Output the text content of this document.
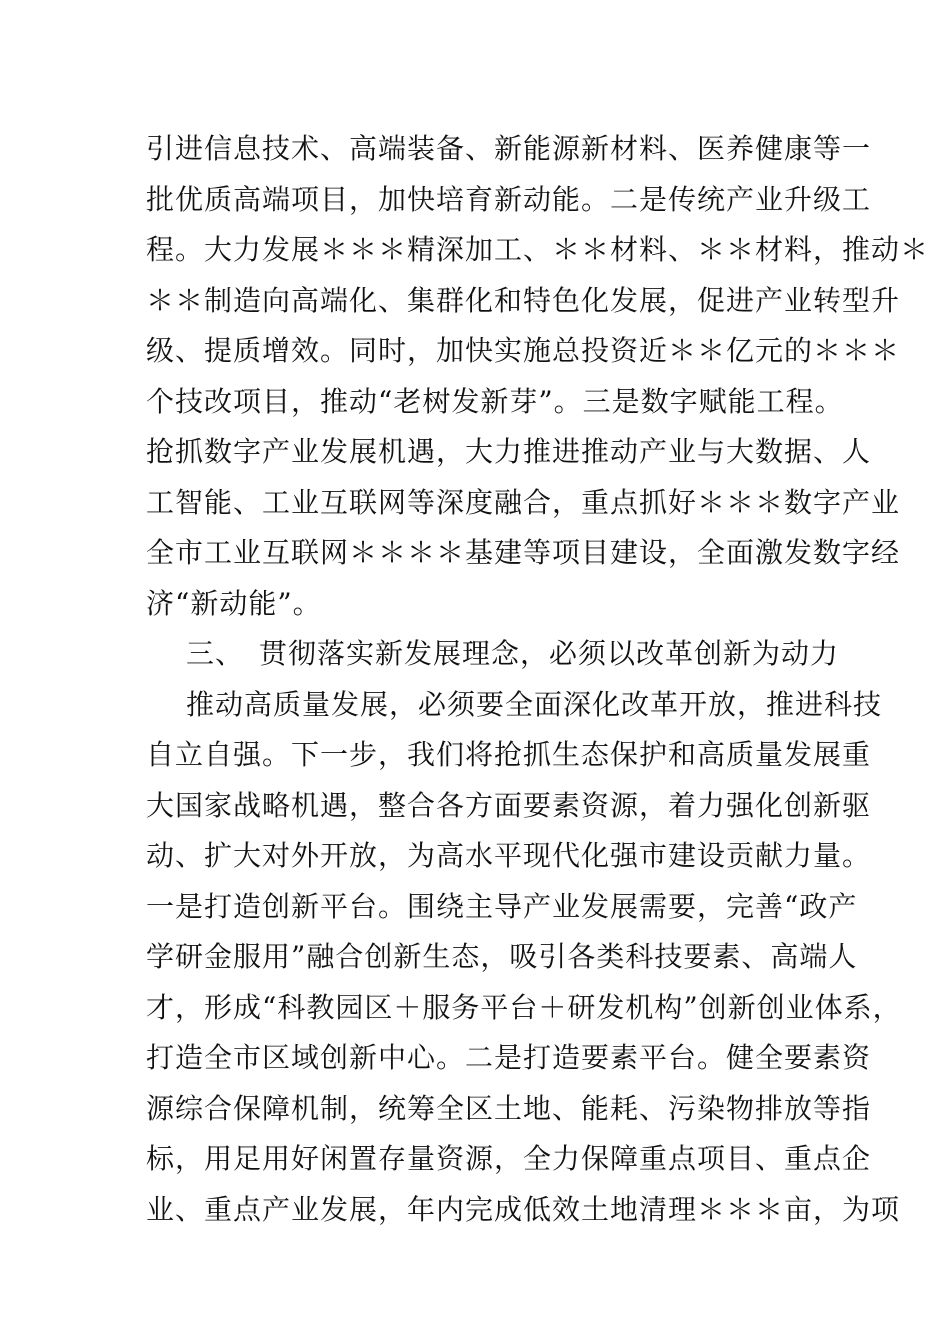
引进信息技术、高端装备、新能源新材料、医养健康等一
批优质高端项目，加快培育新动能。二是传统产业升级工
程。大力发展＊＊＊精深加工、＊＊材料、＊＊材料，推动＊
＊＊制造向高端化、集群化和特色化发展，促进产业转型升
级、提质增效。同时，加快实施总投资近＊＊亿元的＊＊＊
个技改项目，推动“老树发新芽”。三是数字赋能工程。
抢抓数字产业发展机遇，大力推进推动产业与大数据、人
工智能、工业互联网等深度融合，重点抓好＊＊＊数字产业
全市工业互联网＊＊＊＊基建等项目建设，全面激发数字经
济“新动能”。
三、　贯彻落实新发展理念，必须以改革创新为动力
推动高质量发展，必须要全面深化改革开放，推进科技
自立自强。下一步，我们将抢抓生态保护和高质量发展重
大国家战略机遇，整合各方面要素资源，着力强化创新驱
动、扩大对外开放，为高水平现代化强市建设贡献力量。
一是打造创新平台。围绕主导产业发展需要，完善“政产
学研金服用”融合创新生态，吸引各类科技要素、高端人
才，形成“科教园区＋服务平台＋研发机构”创新创业体系，
打造全市区域创新中心。二是打造要素平台。健全要素资
源综合保障机制，统筹全区土地、能耗、污染物排放等指
标，用足用好闲置存量资源，全力保障重点项目、重点企
业、重点产业发展，年内完成低效土地清理＊＊＊亩，为项
